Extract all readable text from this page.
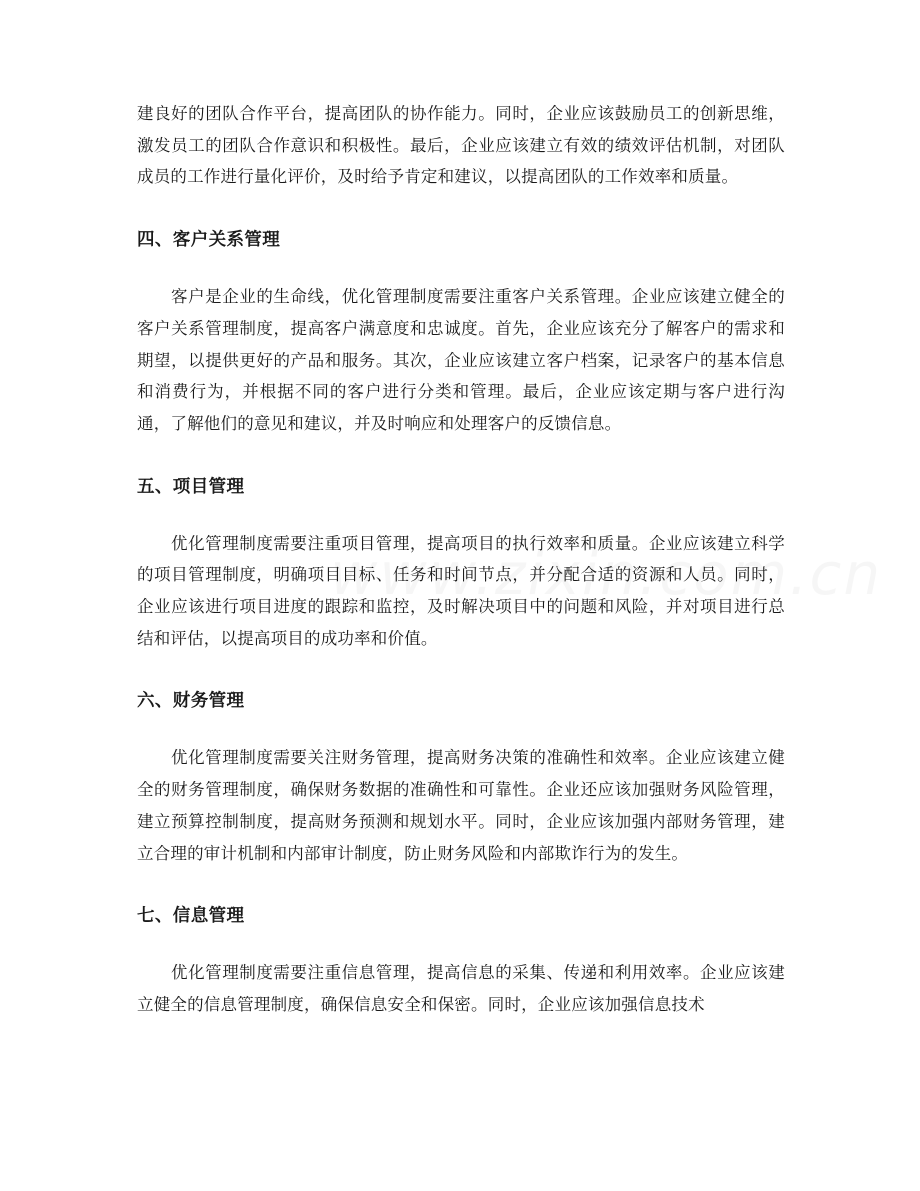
建良好的团队合作平台，提高团队的协作能力。同时，企业应该鼓励员工的创新思维，激发员工的团队合作意识和积极性。最后，企业应该建立有效的绩效评估机制，对团队成员的工作进行量化评价，及时给予肯定和建议，以提高团队的工作效率和质量。

四、客户关系管理

客户是企业的生命线，优化管理制度需要注重客户关系管理。企业应该建立健全的客户关系管理制度，提高客户满意度和忠诚度。首先，企业应该充分了解客户的需求和期望，以提供更好的产品和服务。其次，企业应该建立客户档案，记录客户的基本信息和消费行为，并根据不同的客户进行分类和管理。最后，企业应该定期与客户进行沟通，了解他们的意见和建议，并及时响应和处理客户的反馈信息。

五、项目管理

优化管理制度需要注重项目管理，提高项目的执行效率和质量。企业应该建立科学的项目管理制度，明确项目目标、任务和时间节点，并分配合适的资源和人员。同时，企业应该进行项目进度的跟踪和监控，及时解决项目中的问题和风险，并对项目进行总结和评估，以提高项目的成功率和价值。

六、财务管理

优化管理制度需要关注财务管理，提高财务决策的准确性和效率。企业应该建立健全的财务管理制度，确保财务数据的准确性和可靠性。企业还应该加强财务风险管理，建立预算控制制度，提高财务预测和规划水平。同时，企业应该加强内部财务管理，建立合理的审计机制和内部审计制度，防止财务风险和内部欺诈行为的发生。

七、信息管理

优化管理制度需要注重信息管理，提高信息的采集、传递和利用效率。企业应该建立健全的信息管理制度，确保信息安全和保密。同时，企业应该加强信息技术
